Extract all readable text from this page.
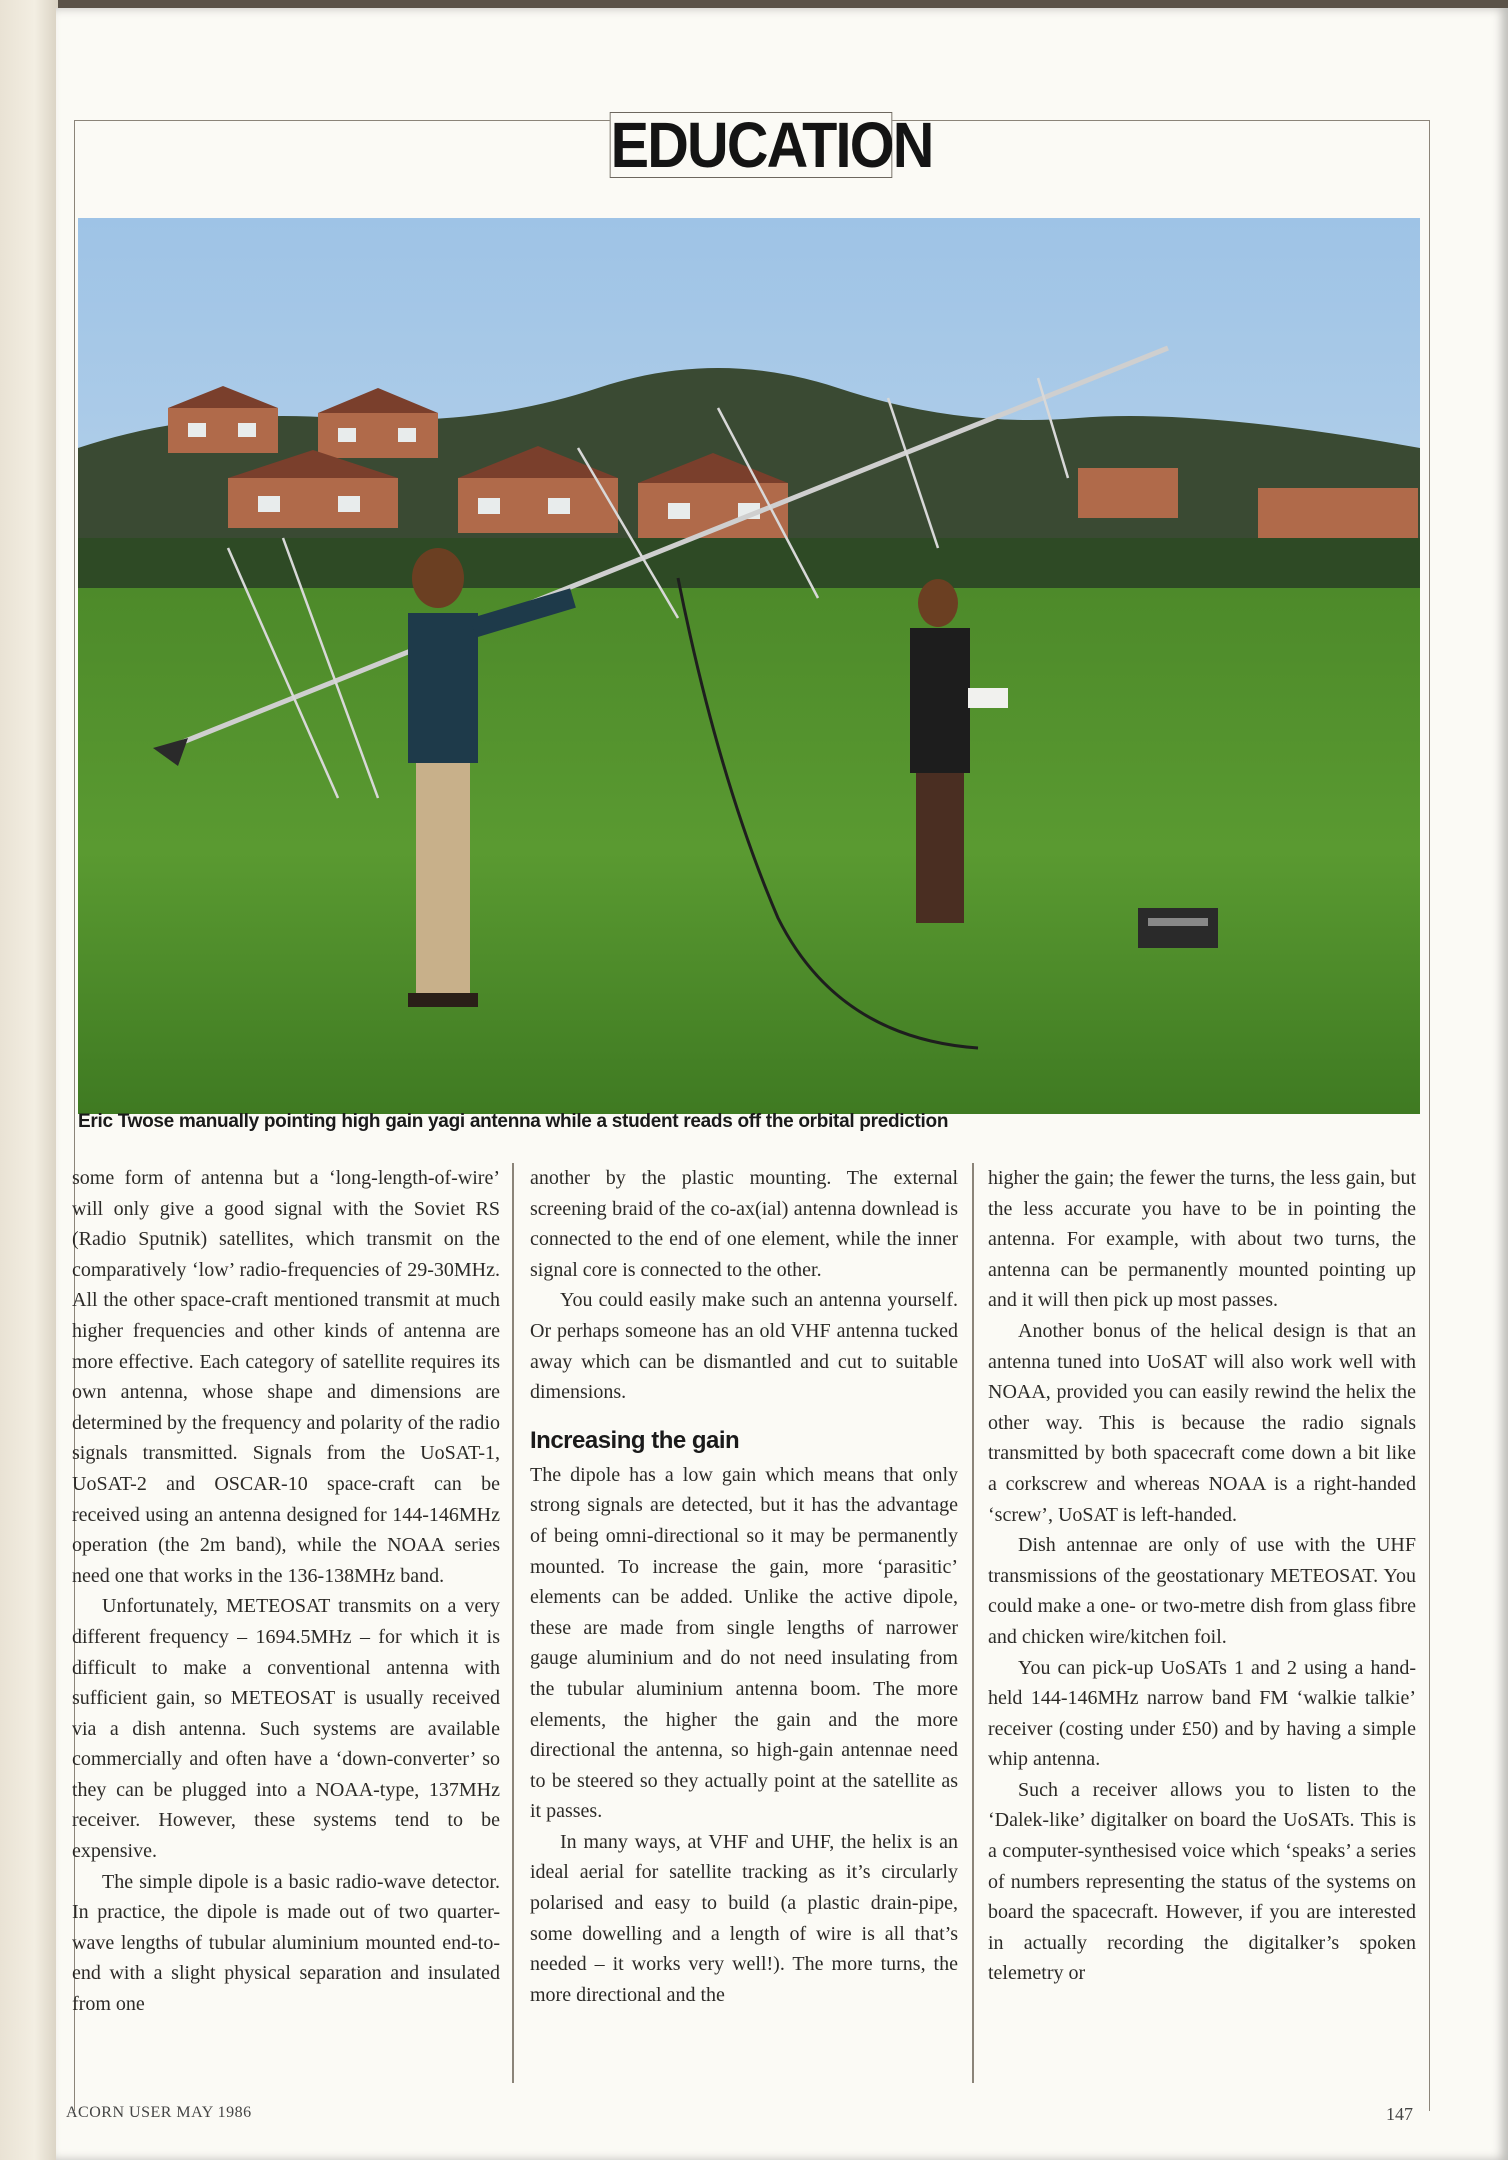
EDUCATION
Eric Twose manually pointing high gain yagi antenna while a student reads off the orbital prediction

some form of antenna but a ‘long-length-of-wire’ will only give a good signal with the Soviet RS (Radio Sputnik) satellites, which transmit on the comparatively ‘low’ radio-frequencies of 29-30MHz. All the other space-craft mentioned transmit at much higher frequencies and other kinds of antenna are more effective. Each category of satellite requires its own antenna, whose shape and dimensions are determined by the frequency and polarity of the radio signals transmitted. Signals from the UoSAT-1, UoSAT-2 and OSCAR-10 space-craft can be received using an antenna designed for 144-146MHz operation (the 2m band), while the NOAA series need one that works in the 136-138MHz band.

Unfortunately, METEOSAT transmits on a very different frequency – 1694.5MHz – for which it is difficult to make a conventional antenna with sufficient gain, so METEOSAT is usually received via a dish antenna. Such systems are available commercially and often have a ‘down-converter’ so they can be plugged into a NOAA-type, 137MHz receiver. However, these systems tend to be expensive.

The simple dipole is a basic radio-wave detector. In practice, the dipole is made out of two quarter-wave lengths of tubular aluminium mounted end-to-end with a slight physical separation and insulated from one

another by the plastic mounting. The external screening braid of the co-ax(ial) antenna downlead is connected to the end of one element, while the inner signal core is connected to the other.

You could easily make such an antenna yourself. Or perhaps someone has an old VHF antenna tucked away which can be dismantled and cut to suitable dimensions.

Increasing the gain

The dipole has a low gain which means that only strong signals are detected, but it has the advantage of being omni-directional so it may be permanently mounted. To increase the gain, more ‘parasitic’ elements can be added. Unlike the active dipole, these are made from single lengths of narrower gauge aluminium and do not need insulating from the tubular aluminium antenna boom. The more elements, the higher the gain and the more directional the antenna, so high-gain antennae need to be steered so they actually point at the satellite as it passes.

In many ways, at VHF and UHF, the helix is an ideal aerial for satellite tracking as it’s circularly polarised and easy to build (a plastic drain-pipe, some dowelling and a length of wire is all that’s needed – it works very well!). The more turns, the more directional and the

higher the gain; the fewer the turns, the less gain, but the less accurate you have to be in pointing the antenna. For example, with about two turns, the antenna can be permanently mounted pointing up and it will then pick up most passes.

Another bonus of the helical design is that an antenna tuned into UoSAT will also work well with NOAA, provided you can easily rewind the helix the other way. This is because the radio signals transmitted by both spacecraft come down a bit like a corkscrew and whereas NOAA is a right-handed ‘screw’, UoSAT is left-handed.

Dish antennae are only of use with the UHF transmissions of the geostationary METEOSAT. You could make a one- or two-metre dish from glass fibre and chicken wire/kitchen foil.

You can pick-up UoSATs 1 and 2 using a hand-held 144-146MHz narrow band FM ‘walkie talkie’ receiver (costing under £50) and by having a simple whip antenna.

Such a receiver allows you to listen to the ‘Dalek-like’ digitalker on board the UoSATs. This is a computer-synthesised voice which ‘speaks’ a series of numbers representing the status of the systems on board the spacecraft. However, if you are interested in actually recording the digitalker’s spoken telemetry or

ACORN USER MAY 1986	147
